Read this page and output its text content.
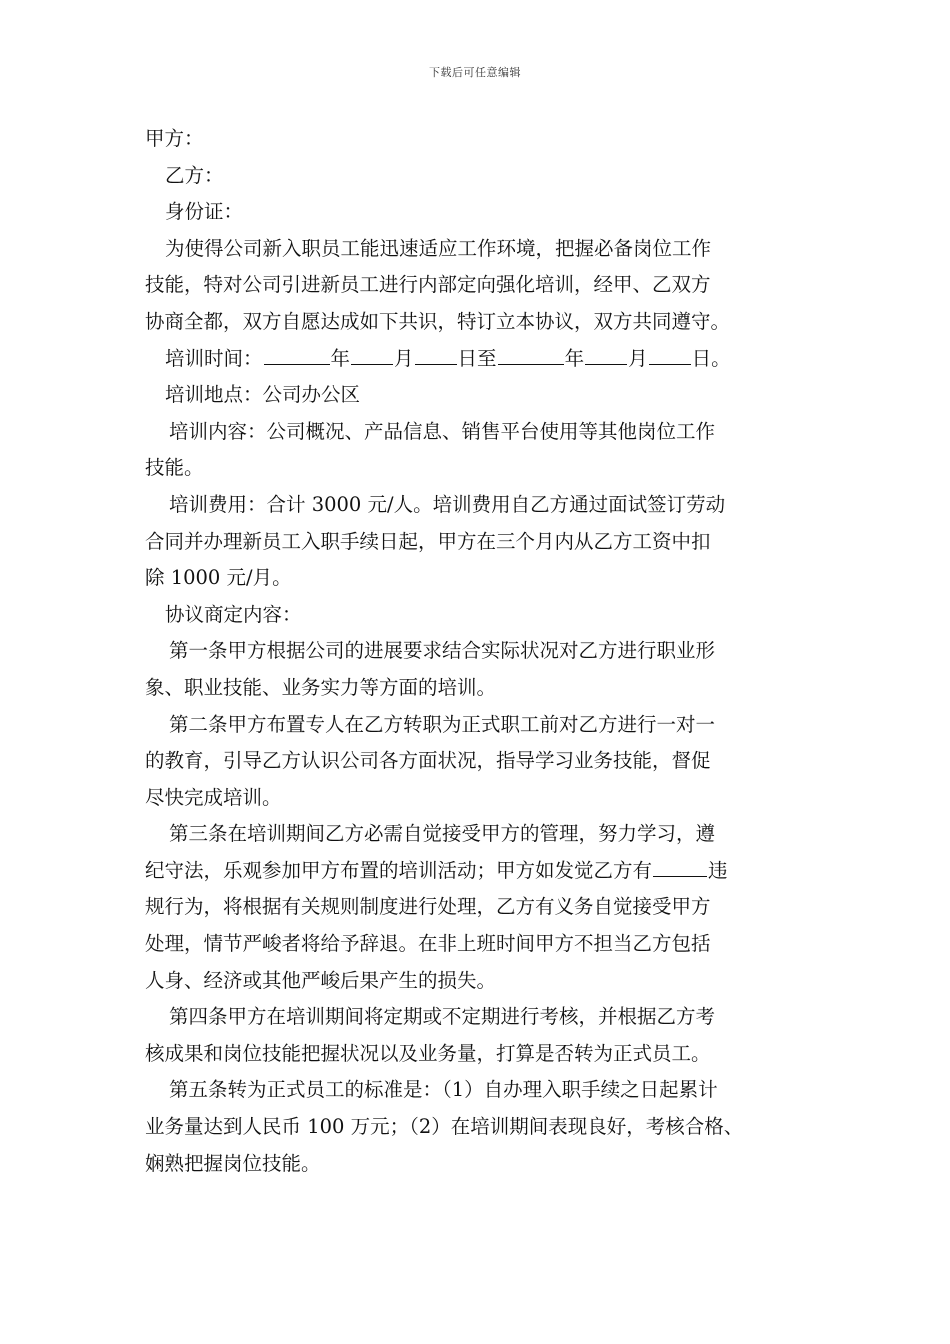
下载后可任意编辑
甲方：
乙方：
身份证：
为使得公司新入职员工能迅速适应工作环境，把握必备岗位工作
技能，特对公司引进新员工进行内部定向强化培训，经甲、乙双方
协商全都，双方自愿达成如下共识，特订立本协议，双方共同遵守。
培训时间：	年 月 日至	年 月 日。
培训地点：公司办公区
培训内容：公司概况、产品信息、销售平台使用等其他岗位工作
技能。
培训费用：合计 3000 元/人。培训费用自乙方通过面试签订劳动
合同并办理新员工入职手续日起，甲方在三个月内从乙方工资中扣
除 1000 元/月。
协议商定内容：
第一条甲方根据公司的进展要求结合实际状况对乙方进行职业形
象、职业技能、业务实力等方面的培训。
第二条甲方布置专人在乙方转职为正式职工前对乙方进行一对一
的教育，引导乙方认识公司各方面状况，指导学习业务技能，督促
尽快完成培训。
第三条在培训期间乙方必需自觉接受甲方的管理，努力学习，遵
纪守法，乐观参加甲方布置的培训活动；甲方如发觉乙方有	违
规行为，将根据有关规则制度进行处理，乙方有义务自觉接受甲方
处理，情节严峻者将给予辞退。在非上班时间甲方不担当乙方包括
人身、经济或其他严峻后果产生的损失。
第四条甲方在培训期间将定期或不定期进行考核，并根据乙方考
核成果和岗位技能把握状况以及业务量，打算是否转为正式员工。
第五条转为正式员工的标准是：（1）自办理入职手续之日起累计
业务量达到人民币 100 万元；（2）在培训期间表现良好，考核合格、
娴熟把握岗位技能。
